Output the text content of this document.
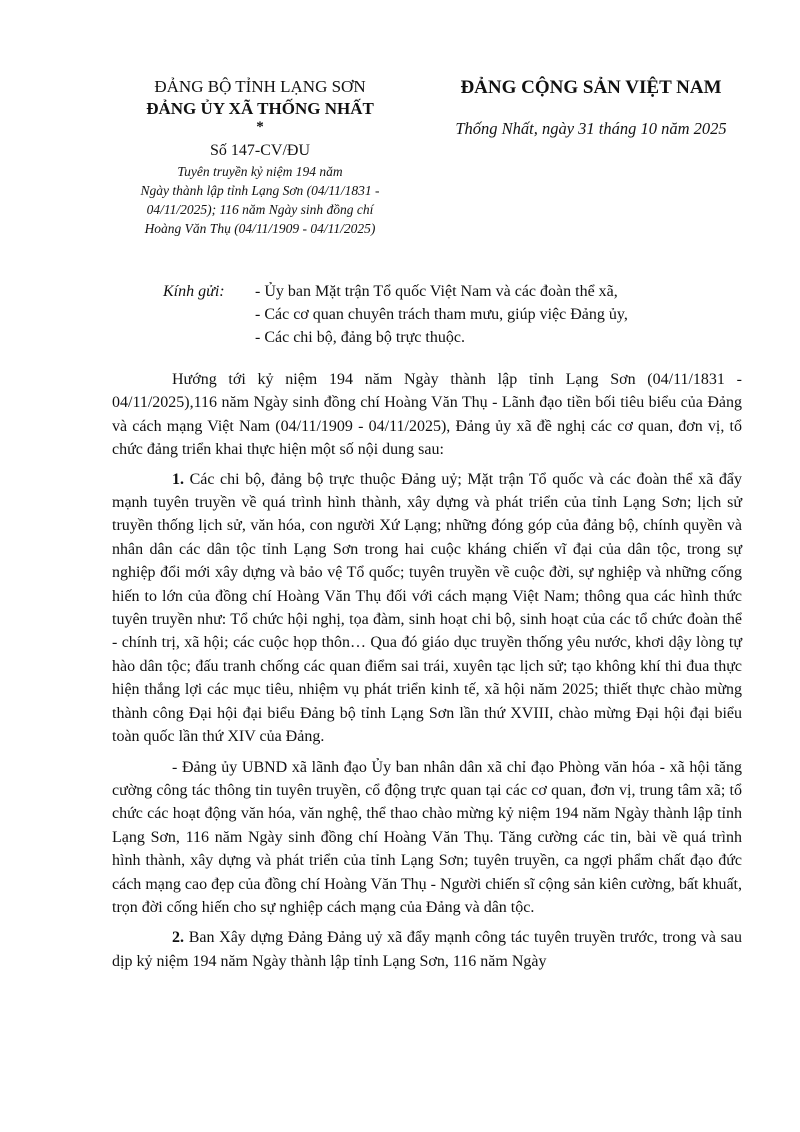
ĐẢNG BỘ TỈNH LẠNG SƠN
ĐẢNG ỦY XÃ THỐNG NHẤT
*
Số 147-CV/ĐU
Tuyên truyền kỷ niệm 194 năm
Ngày thành lập tỉnh Lạng Sơn (04/11/1831 -
04/11/2025); 116 năm Ngày sinh đồng chí
Hoàng Văn Thụ (04/11/1909 - 04/11/2025)
ĐẢNG CỘNG SẢN VIỆT NAM
Thống Nhất, ngày 31 tháng 10 năm 2025
Kính gửi:	- Ủy ban Mặt trận Tổ quốc Việt Nam và các đoàn thể xã,
- Các cơ quan chuyên trách tham mưu, giúp việc Đảng ủy,
- Các chi bộ, đảng bộ trực thuộc.

Hướng tới kỷ niệm 194 năm Ngày thành lập tỉnh Lạng Sơn (04/11/1831 - 04/11/2025),116 năm Ngày sinh đồng chí Hoàng Văn Thụ - Lãnh đạo tiền bối tiêu biểu của Đảng và cách mạng Việt Nam (04/11/1909 - 04/11/2025), Đảng ủy xã đề nghị các cơ quan, đơn vị, tổ chức đảng triển khai thực hiện một số nội dung sau:

1. Các chi bộ, đảng bộ trực thuộc Đảng uỷ; Mặt trận Tổ quốc và các đoàn thể xã đẩy mạnh tuyên truyền về quá trình hình thành, xây dựng và phát triển của tỉnh Lạng Sơn; lịch sử truyền thống lịch sử, văn hóa, con người Xứ Lạng; những đóng góp của đảng bộ, chính quyền và nhân dân các dân tộc tỉnh Lạng Sơn trong hai cuộc kháng chiến vĩ đại của dân tộc, trong sự nghiệp đổi mới xây dựng và bảo vệ Tổ quốc; tuyên truyền về cuộc đời, sự nghiệp và những cống hiến to lớn của đồng chí Hoàng Văn Thụ đối với cách mạng Việt Nam; thông qua các hình thức tuyên truyền như: Tổ chức hội nghị, tọa đàm, sinh hoạt chi bộ, sinh hoạt của các tổ chức đoàn thể - chính trị, xã hội; các cuộc họp thôn… Qua đó giáo dục truyền thống yêu nước, khơi dậy lòng tự hào dân tộc; đấu tranh chống các quan điểm sai trái, xuyên tạc lịch sử; tạo không khí thi đua thực hiện thắng lợi các mục tiêu, nhiệm vụ phát triển kinh tế, xã hội năm 2025; thiết thực chào mừng thành công Đại hội đại biểu Đảng bộ tỉnh Lạng Sơn lần thứ XVIII, chào mừng Đại hội đại biểu toàn quốc lần thứ XIV của Đảng.

- Đảng ủy UBND xã lãnh đạo Ủy ban nhân dân xã chỉ đạo Phòng văn hóa - xã hội tăng cường công tác thông tin tuyên truyền, cổ động trực quan tại các cơ quan, đơn vị, trung tâm xã; tổ chức các hoạt động văn hóa, văn nghệ, thể thao chào mừng kỷ niệm 194 năm Ngày thành lập tỉnh Lạng Sơn, 116 năm Ngày sinh đồng chí Hoàng Văn Thụ. Tăng cường các tin, bài về quá trình hình thành, xây dựng và phát triển của tỉnh Lạng Sơn; tuyên truyền, ca ngợi phẩm chất đạo đức cách mạng cao đẹp của đồng chí Hoàng Văn Thụ - Người chiến sĩ cộng sản kiên cường, bất khuất, trọn đời cống hiến cho sự nghiệp cách mạng của Đảng và dân tộc.

2. Ban Xây dựng Đảng Đảng uỷ xã đẩy mạnh công tác tuyên truyền trước, trong và sau dịp kỷ niệm 194 năm Ngày thành lập tỉnh Lạng Sơn, 116 năm Ngày
